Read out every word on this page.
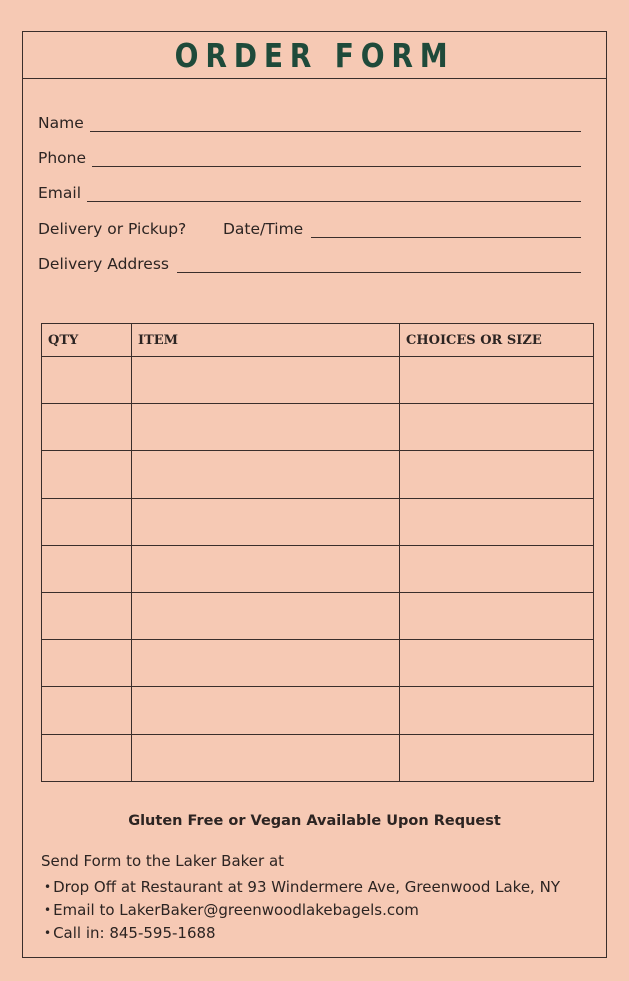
ORDER FORM
Name
Phone
Email
Delivery or Pickup? Date/Time
Delivery Address
QTY	ITEM	CHOICES OR SIZE

Gluten Free or Vegan Available Upon Request
Send Form to the Laker Baker at
• Drop Off at Restaurant at 93 Windermere Ave, Greenwood Lake, NY
• Email to LakerBaker@greenwoodlakebagels.com
• Call in: 845-595-1688
